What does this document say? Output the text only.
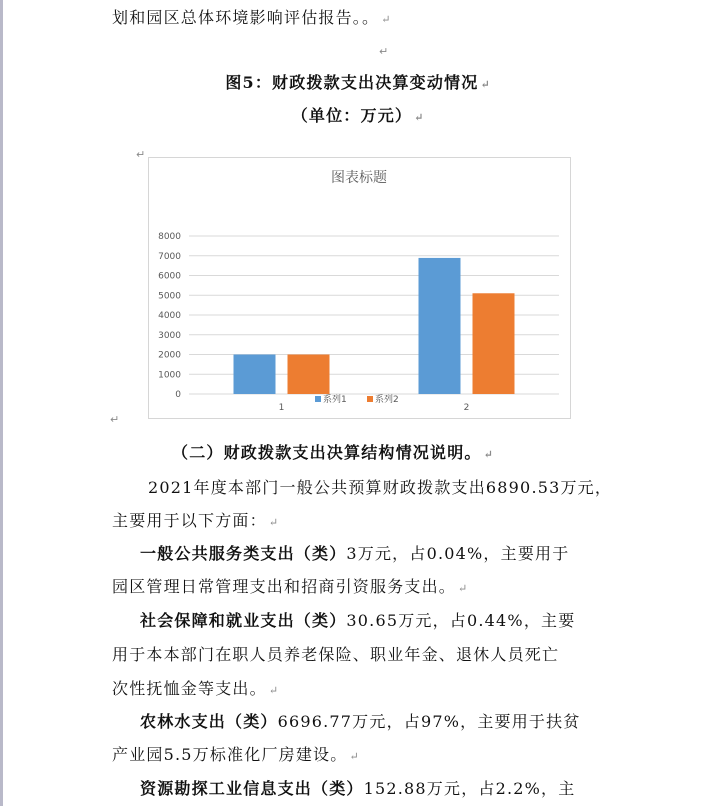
划和园区总体环境影响评估报告。。 ↵
↵
图5：财政拨款支出决算变动情况 ↵
（单位：万元） ↵
↵
图表标题
0
1000
2000
3000
4000
5000
6000
7000
8000
1	2
系列1	系列2
↵
（二）财政拨款支出决算结构情况说明。 ↵
2021年度本部门一般公共预算财政拨款支出6890.53万元，
主要用于以下方面： ↵
一般公共服务类支出（类）3万元，占0.04%，主要用于
园区管理日常管理支出和招商引资服务支出。 ↵
社会保障和就业支出（类）30.65万元，占0.44%，主要
用于本本部门在职人员养老保险、职业年金、退休人员死亡
次性抚恤金等支出。 ↵
农林水支出（类）6696.77万元，占97%，主要用于扶贫
产业园5.5万标准化厂房建设。 ↵
资源勘探工业信息支出（类）152.88万元，占2.2%，主
